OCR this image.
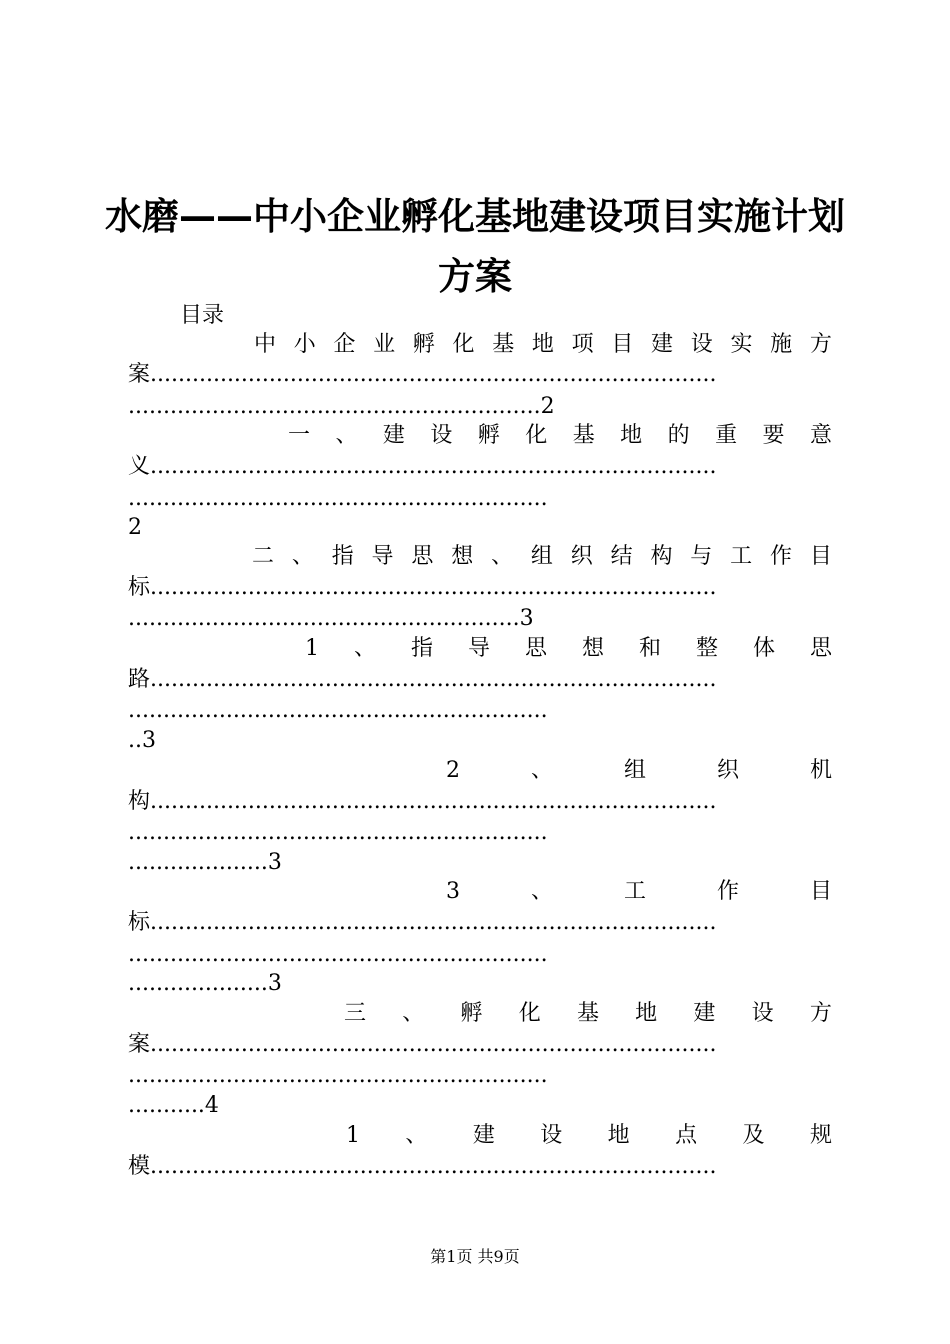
水磨——中小企业孵化基地建设项目实施计划
方案
目录
中 小 企 业 孵 化 基 地 项 目 建 设 实 施 方
案.................................................................................
...........................................................2
一 、 建 设 孵 化 基 地 的 重 要 意
义.................................................................................
............................................................
2
二 、 指 导 思 想 、 组 织 结 构 与 工 作 目
标.................................................................................
........................................................3
1 、 指 导 思 想 和 整 体 思
路.................................................................................
............................................................
..3
2	、	组	织	机
构.................................................................................
............................................................
....................3
3	、	工	作	目
标.................................................................................
............................................................
....................3
三 、 孵 化 基 地 建 设 方
案.................................................................................
............................................................
...........4
1 、 建 设 地 点 及 规
模.................................................................................
第1页 共9页
